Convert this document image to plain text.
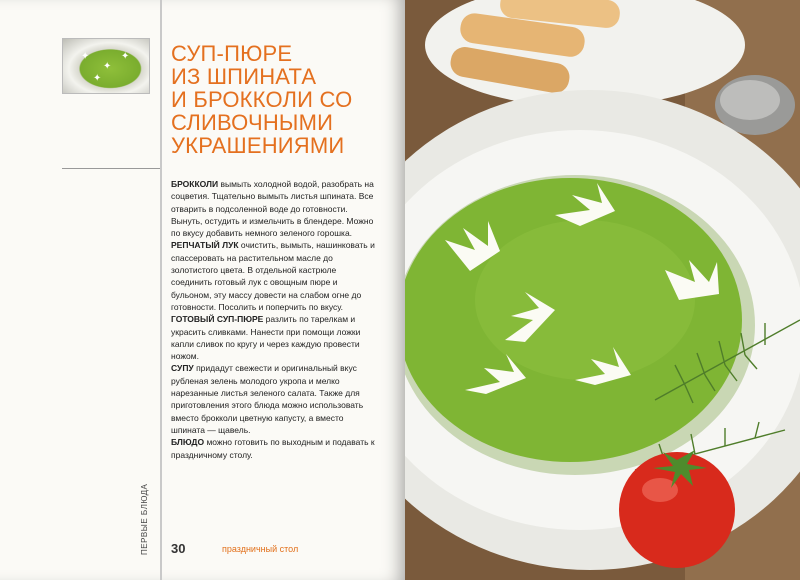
✦
✦
✦
✦
ПЕРВЫЕ БЛЮДА
СУП-ПЮРЕ
ИЗ ШПИНАТА
И БРОККОЛИ СО
СЛИВОЧНЫМИ
УКРАШЕНИЯМИ

БРОККОЛИ вымыть холодной водой, разобрать на соцветия. Тщательно вымыть листья шпината. Все отварить в подсоленной воде до готовности. Вынуть, остудить и измельчить в блендере. Можно по вкусу добавить немного зеленого горошка.

РЕПЧАТЫЙ ЛУК очистить, вымыть, нашинковать и спассеровать на растительном масле до золотистого цвета. В отдельной кастрюле соединить готовый лук с овощным пюре и бульоном, эту массу довести на слабом огне до готовности. Посолить и поперчить по вкусу.

ГОТОВЫЙ СУП-ПЮРЕ разлить по тарелкам и украсить сливками. Нанести при помощи ложки капли сливок по кругу и через каждую провести ножом.

СУПУ придадут свежести и оригинальный вкус рубленая зелень молодого укропа и мелко нарезанные листья зеленого салата. Также для приготовления этого блюда можно использовать вместо брокколи цветную капусту, а вместо шпината — щавель.

БЛЮДО можно готовить по выходным и подавать к праздничному столу.

30	праздничный стол
